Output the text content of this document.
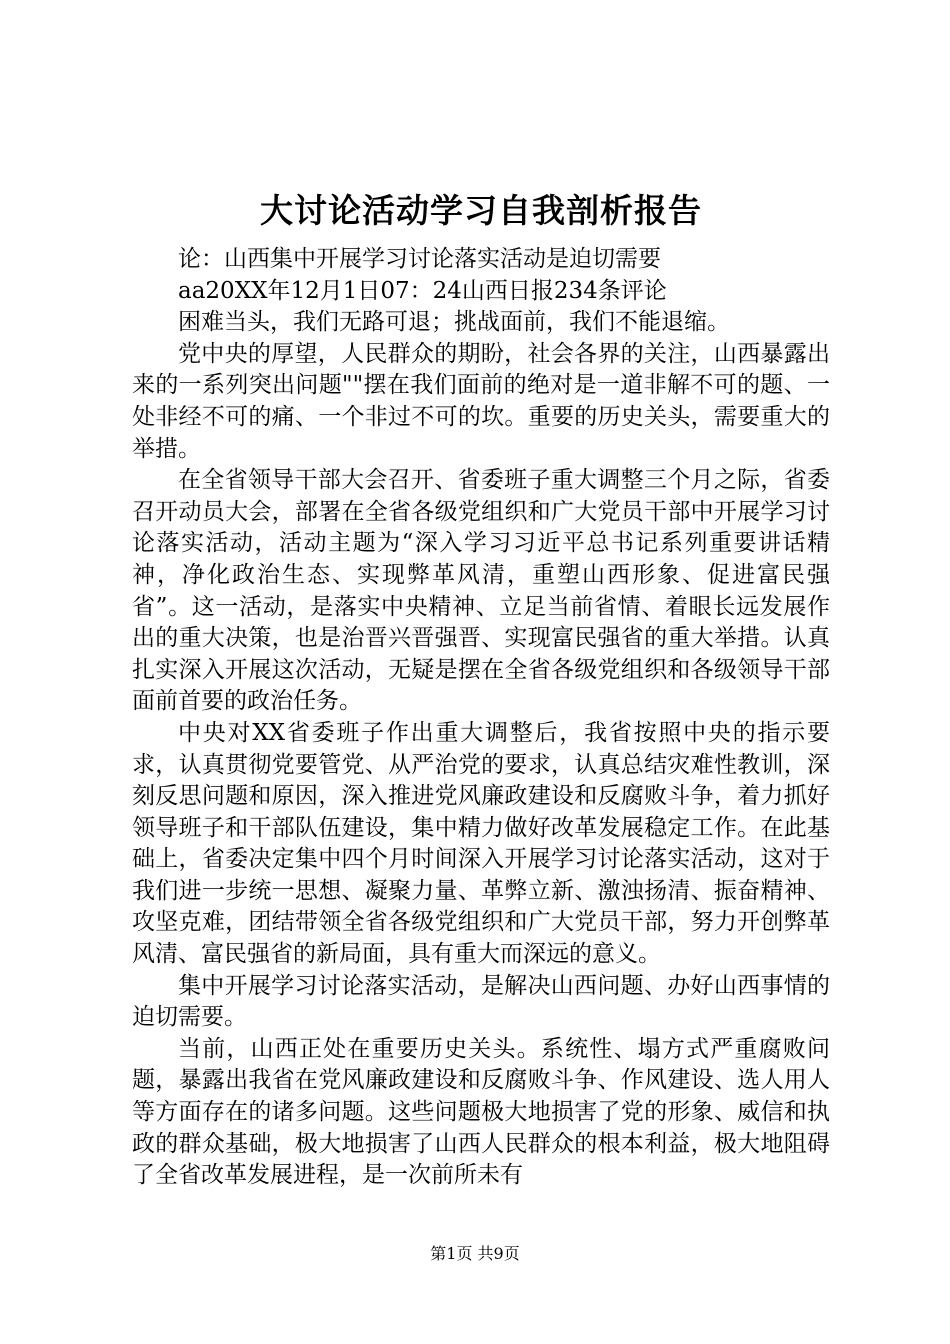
大讨论活动学习自我剖析报告

论：山西集中开展学习讨论落实活动是迫切需要

aa20XX年12月1日07：24山西日报234条评论

困难当头，我们无路可退；挑战面前，我们不能退缩。

党中央的厚望，人民群众的期盼，社会各界的关注，山西暴露出来的一系列突出问题""摆在我们面前的绝对是一道非解不可的题、一处非经不可的痛、一个非过不可的坎。重要的历史关头，需要重大的举措。

在全省领导干部大会召开、省委班子重大调整三个月之际，省委召开动员大会，部署在全省各级党组织和广大党员干部中开展学习讨论落实活动，活动主题为“深入学习习近平总书记系列重要讲话精神，净化政治生态、实现弊革风清，重塑山西形象、促进富民强省”。这一活动，是落实中央精神、立足当前省情、着眼长远发展作出的重大决策，也是治晋兴晋强晋、实现富民强省的重大举措。认真扎实深入开展这次活动，无疑是摆在全省各级党组织和各级领导干部面前首要的政治任务。

中央对XX省委班子作出重大调整后，我省按照中央的指示要求，认真贯彻党要管党、从严治党的要求，认真总结灾难性教训，深刻反思问题和原因，深入推进党风廉政建设和反腐败斗争，着力抓好领导班子和干部队伍建设，集中精力做好改革发展稳定工作。在此基础上，省委决定集中四个月时间深入开展学习讨论落实活动，这对于我们进一步统一思想、凝聚力量、革弊立新、激浊扬清、振奋精神、攻坚克难，团结带领全省各级党组织和广大党员干部，努力开创弊革风清、富民强省的新局面，具有重大而深远的意义。

集中开展学习讨论落实活动，是解决山西问题、办好山西事情的迫切需要。

当前，山西正处在重要历史关头。系统性、塌方式严重腐败问题，暴露出我省在党风廉政建设和反腐败斗争、作风建设、选人用人等方面存在的诸多问题。这些问题极大地损害了党的形象、威信和执政的群众基础，极大地损害了山西人民群众的根本利益，极大地阻碍了全省改革发展进程，是一次前所未有

第1页 共9页
